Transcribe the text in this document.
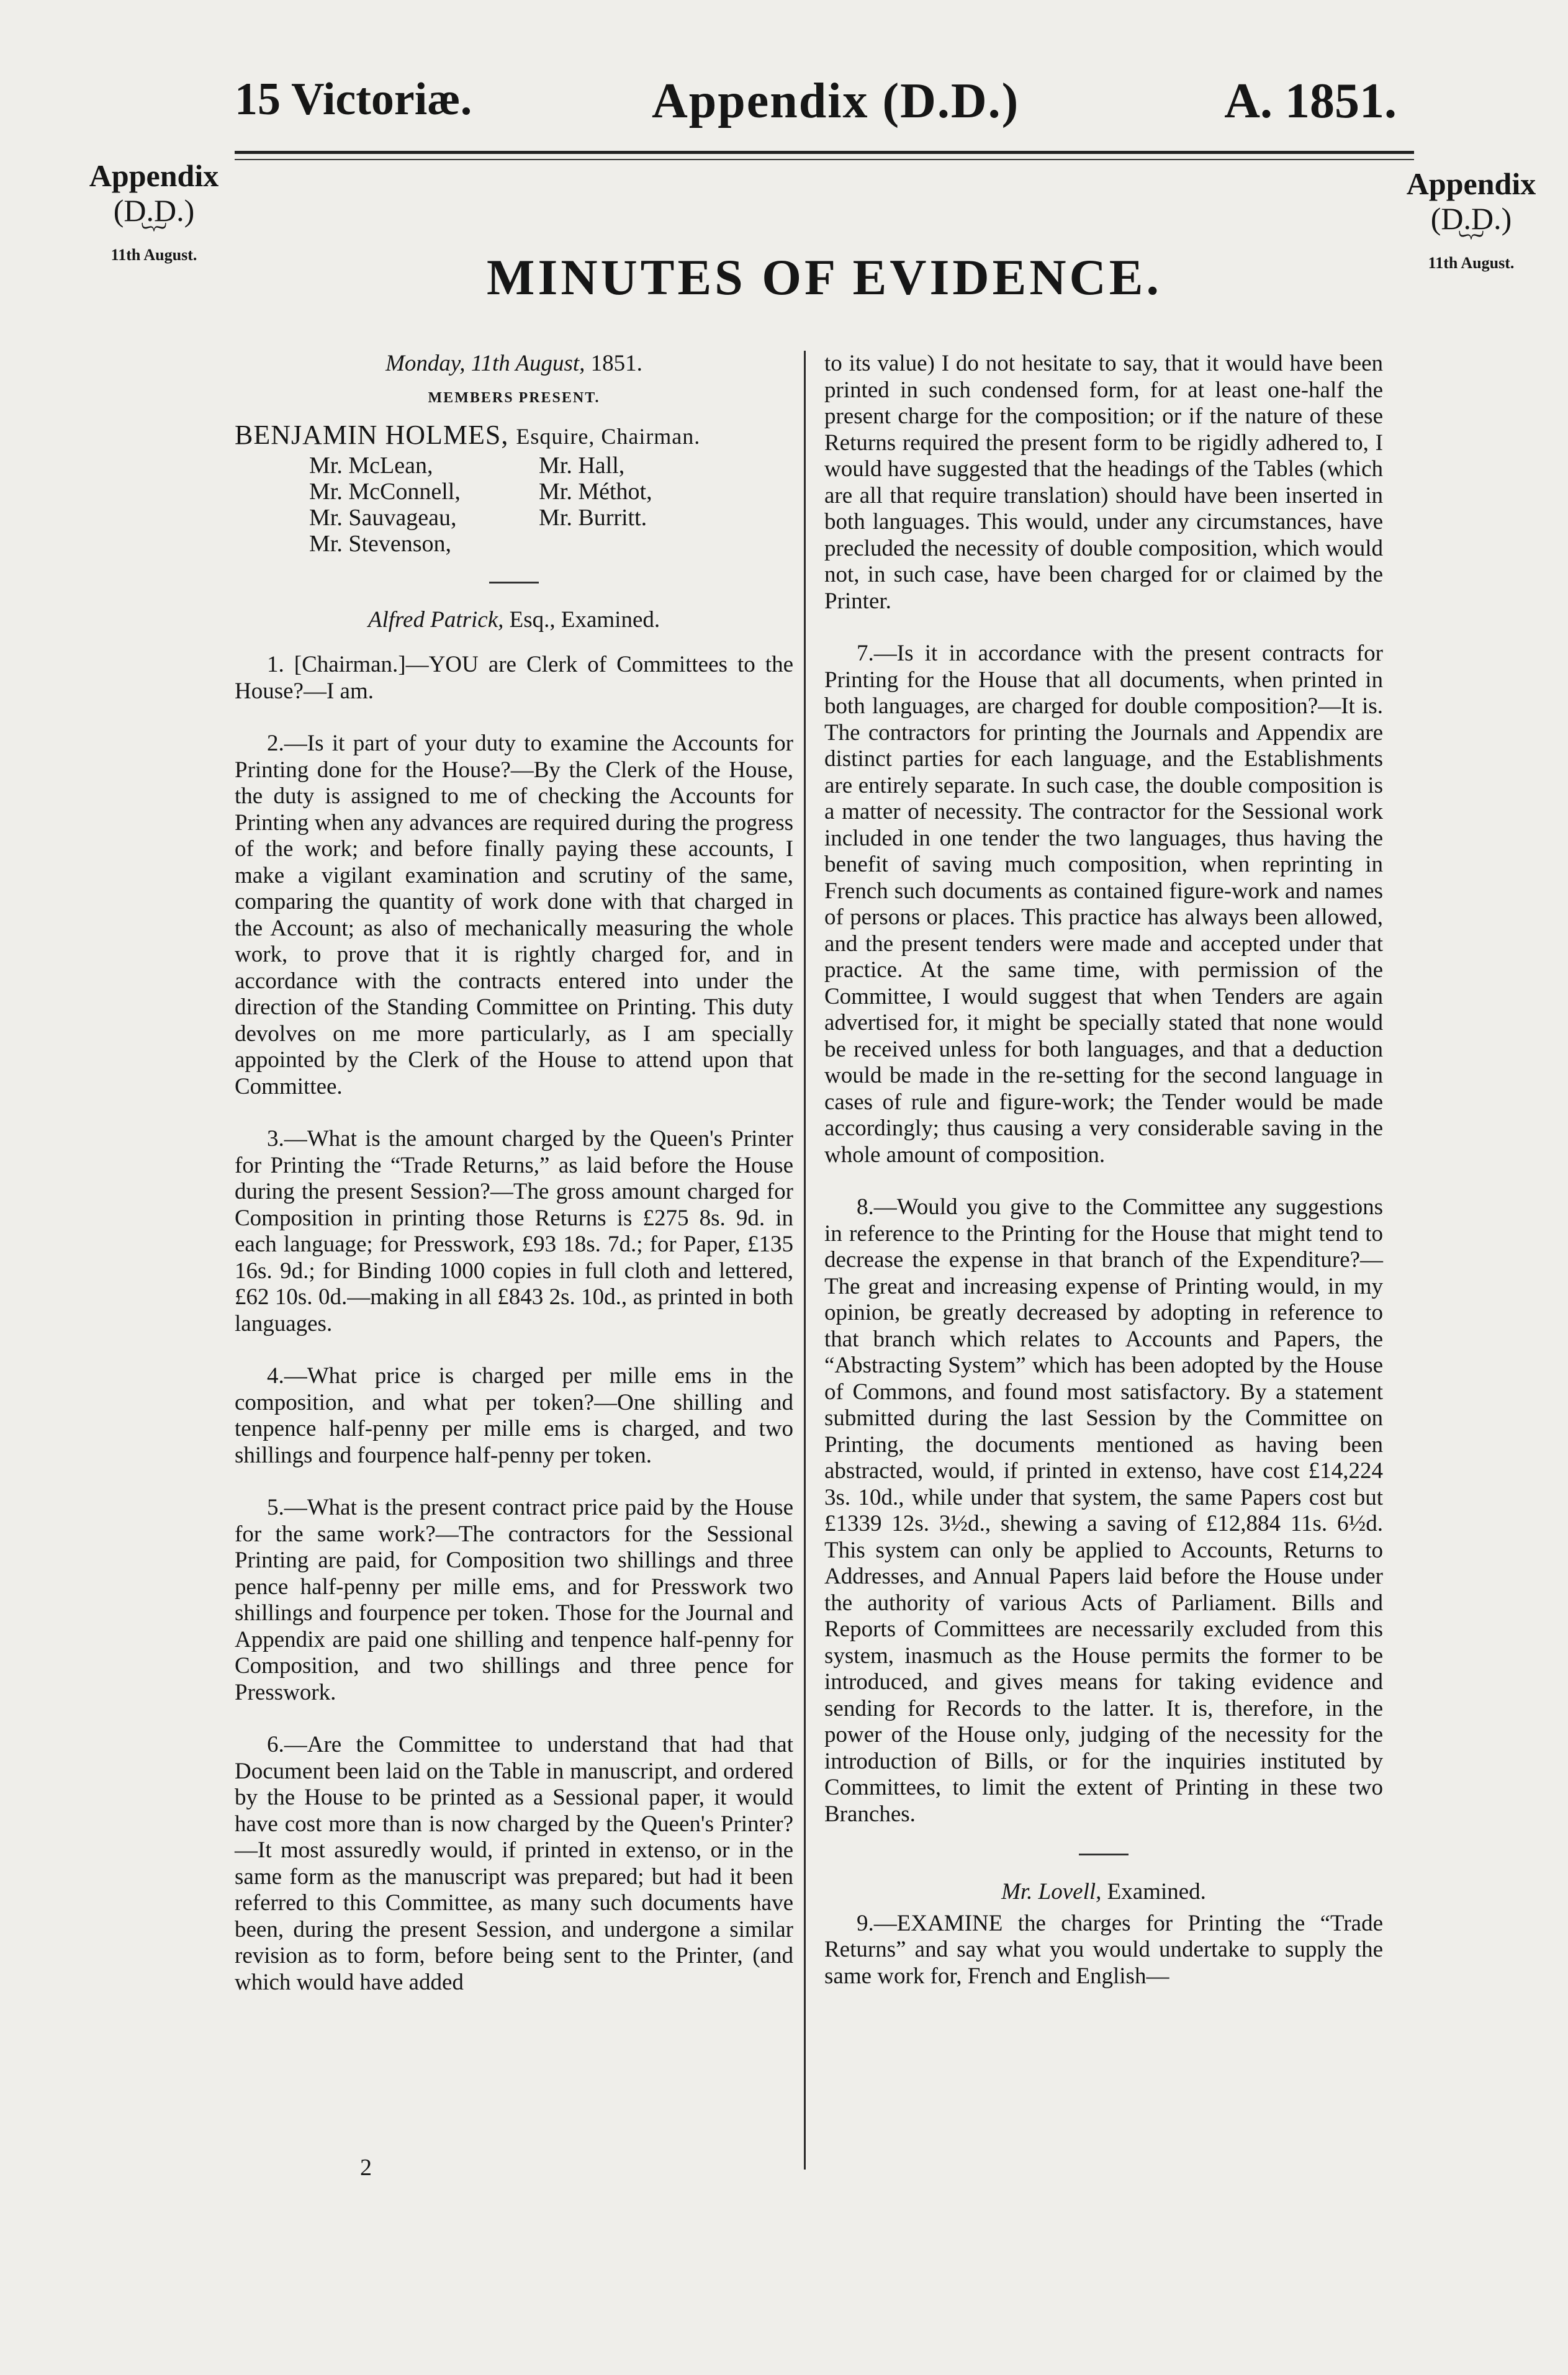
15 Victoriæ.	Appendix (D.D.)	A. 1851.
Appendix
(D.D.)
︸
11th August.
Appendix
(D.D.)
︸
11th August.
MINUTES OF EVIDENCE.

Monday, 11th August, 1851.

MEMBERS PRESENT.

BENJAMIN HOLMES, Esquire, Chairman.

Mr. McLean,	Mr. Hall,
Mr. McConnell,	Mr. Méthot,
Mr. Sauvageau,	Mr. Burritt.
Mr. Stevenson,

Alfred Patrick, Esq., Examined.

1. [Chairman.]—YOU are Clerk of Committees to the House?—I am.

2.—Is it part of your duty to examine the Accounts for Printing done for the House?—By the Clerk of the House, the duty is assigned to me of checking the Accounts for Printing when any advances are required during the progress of the work; and before finally paying these accounts, I make a vigilant examination and scrutiny of the same, comparing the quantity of work done with that charged in the Account; as also of mechanically measuring the whole work, to prove that it is rightly charged for, and in accordance with the contracts entered into under the direction of the Standing Committee on Printing. This duty devolves on me more particularly, as I am specially appointed by the Clerk of the House to attend upon that Committee.

3.—What is the amount charged by the Queen's Printer for Printing the “Trade Returns,” as laid before the House during the present Session?—The gross amount charged for Composition in printing those Returns is £275 8s. 9d. in each language; for Presswork, £93 18s. 7d.; for Paper, £135 16s. 9d.; for Binding 1000 copies in full cloth and lettered, £62 10s. 0d.—making in all £843 2s. 10d., as printed in both languages.

4.—What price is charged per mille ems in the composition, and what per token?—One shilling and tenpence half-penny per mille ems is charged, and two shillings and fourpence half-penny per token.

5.—What is the present contract price paid by the House for the same work?—The contractors for the Sessional Printing are paid, for Composition two shillings and three pence half-penny per mille ems, and for Presswork two shillings and fourpence per token. Those for the Journal and Appendix are paid one shilling and tenpence half-penny for Composition, and two shillings and three pence for Presswork.

6.—Are the Committee to understand that had that Document been laid on the Table in manuscript, and ordered by the House to be printed as a Sessional paper, it would have cost more than is now charged by the Queen's Printer?—It most assuredly would, if printed in extenso, or in the same form as the manuscript was prepared; but had it been referred to this Committee, as many such documents have been, during the present Session, and undergone a similar revision as to form, before being sent to the Printer, (and which would have added

to its value) I do not hesitate to say, that it would have been printed in such condensed form, for at least one-half the present charge for the composition; or if the nature of these Returns required the present form to be rigidly adhered to, I would have suggested that the headings of the Tables (which are all that require translation) should have been inserted in both languages. This would, under any circumstances, have precluded the necessity of double composition, which would not, in such case, have been charged for or claimed by the Printer.

7.—Is it in accordance with the present contracts for Printing for the House that all documents, when printed in both languages, are charged for double composition?—It is. The contractors for printing the Journals and Appendix are distinct parties for each language, and the Establishments are entirely separate. In such case, the double composition is a matter of necessity. The contractor for the Sessional work included in one tender the two languages, thus having the benefit of saving much composition, when reprinting in French such documents as contained figure-work and names of persons or places. This practice has always been allowed, and the present tenders were made and accepted under that practice. At the same time, with permission of the Committee, I would suggest that when Tenders are again advertised for, it might be specially stated that none would be received unless for both languages, and that a deduction would be made in the re-setting for the second language in cases of rule and figure-work; the Tender would be made accordingly; thus causing a very considerable saving in the whole amount of composition.

8.—Would you give to the Committee any suggestions in reference to the Printing for the House that might tend to decrease the expense in that branch of the Expenditure?—The great and increasing expense of Printing would, in my opinion, be greatly decreased by adopting in reference to that branch which relates to Accounts and Papers, the “Abstracting System” which has been adopted by the House of Commons, and found most satisfactory. By a statement submitted during the last Session by the Committee on Printing, the documents mentioned as having been abstracted, would, if printed in extenso, have cost £14,224 3s. 10d., while under that system, the same Papers cost but £1339 12s. 3½d., shewing a saving of £12,884 11s. 6½d. This system can only be applied to Accounts, Returns to Addresses, and Annual Papers laid before the House under the authority of various Acts of Parliament. Bills and Reports of Committees are necessarily excluded from this system, inasmuch as the House permits the former to be introduced, and gives means for taking evidence and sending for Records to the latter. It is, therefore, in the power of the House only, judging of the necessity for the introduction of Bills, or for the inquiries instituted by Committees, to limit the extent of Printing in these two Branches.

Mr. Lovell, Examined.

9.—EXAMINE the charges for Printing the “Trade Returns” and say what you would undertake to supply the same work for, French and English—

2
